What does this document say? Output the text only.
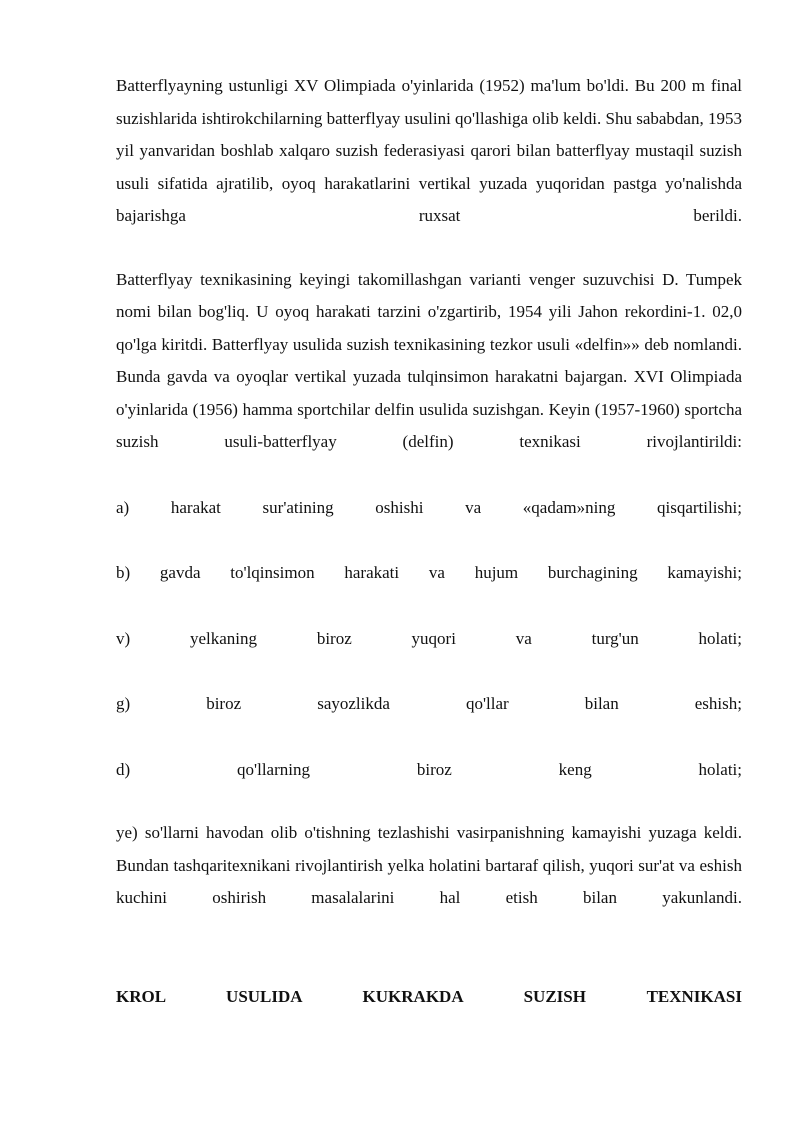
Batterflyayning ustunligi XV Olimpiada o'yinlarida (1952) ma'lum bo'ldi. Bu 200 m final suzishlarida ishtirokchilarning batterflyay usulini qo'llashiga olib keldi. Shu sababdan, 1953 yil yanvaridan boshlab xalqaro suzish federasiyasi qarori bilan batterflyay mustaqil suzish usuli sifatida ajratilib, oyoq harakatlarini vertikal yuzada yuqoridan pastga yo'nalishda bajarishga ruxsat berildi.

Batterflyay texnikasining keyingi takomillashgan varianti venger suzuvchisi D. Tumpek nomi bilan bog'liq. U oyoq harakati tarzini o'zgartirib, 1954 yili Jahon rekordini-1. 02,0 qo'lga kiritdi. Batterflyay usulida suzish texnikasining tezkor usuli «delfin»» deb nomlandi. Bunda gavda va oyoqlar vertikal yuzada tulqinsimon harakatni bajargan. XVI Olimpiada o'yinlarida (1956) hamma sportchilar delfin usulida suzishgan. Keyin (1957-1960) sportcha suzish usuli-batterflyay (delfin) texnikasi rivojlantirildi:

a) harakat sur'atining oshishi va «qadam»ning qisqartilishi;

b) gavda to'lqinsimon harakati va hujum burchagining kamayishi;

v) yelkaning biroz yuqori va turg'un holati;

g) biroz sayozlikda qo'llar bilan eshish;

d) qo'llarning biroz keng holati;

ye) so'llarni havodan olib o'tishning tezlashishi vasirpanishning kamayishi yuzaga keldi. Bundan tashqaritexnikani rivojlantirish yelka holatini bartaraf qilish, yuqori sur'at va eshish kuchini oshirish masalalarini hal etish bilan yakunlandi.

KROL USULIDA KUKRAKDA SUZISH TEXNIKASI
